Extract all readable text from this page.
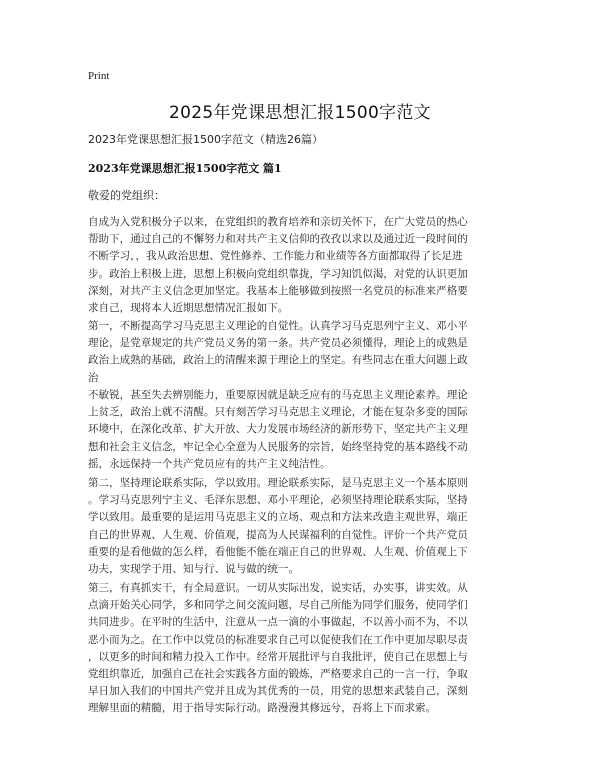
Print
2025年党课思想汇报1500字范文
2023年党课思想汇报1500字范文（精选26篇）
2023年党课思想汇报1500字范文 篇1
敬爱的党组织：
自成为入党积极分子以来，在党组织的教育培养和亲切关怀下，在广大党员的热心
帮助下，通过自己的不懈努力和对共产主义信仰的孜孜以求以及通过近一段时间的
不断学习，，我从政治思想、党性修养、工作能力和业绩等各方面都取得了长足进
步。政治上积极上进，思想上积极向党组织靠拢，学习知饥似渴，对党的认识更加
深刻，对共产主义信念更加坚定。我基本上能够做到按照一名党员的标准来严格要
求自己，现将本人近期思想情况汇报如下。
第一，不断提高学习马克思主义理论的自觉性。认真学习马克思列宁主义、邓小平
理论，是党章规定的共产党员义务的第一条。共产党员必须懂得，理论上的成熟是
政治上成熟的基础，政治上的清醒来源于理论上的坚定。有些同志在重大问题上政
治
不敏锐，甚至失去辨别能力，重要原因就是缺乏应有的马克思主义理论素养。理论
上贫乏，政治上就不清醒。只有刻苦学习马克思主义理论，才能在复杂多变的国际
环境中，在深化改革、扩大开放、大力发展市场经济的新形势下，坚定共产主义理
想和社会主义信念，牢记全心全意为人民服务的宗旨，始终坚持党的基本路线不动
摇，永远保持一个共产党员应有的共产主义纯洁性。
第二，坚持理论联系实际，学以致用。理论联系实际，是马克思主义一个基本原则
。学习马克思列宁主义、毛泽东思想、邓小平理论，必须坚持理论联系实际，坚持
学以致用。最重要的是运用马克思主义的立场、观点和方法来改造主观世界，端正
自己的世界观、人生观、价值观，提高为人民谋福利的自觉性。评价一个共产党员
重要的是看他做的怎么样，看他能不能在端正自己的世界观、人生观、价值观上下
功夫，实现学于用、知与行、说与做的统一。
第三，有真抓实干，有全局意识。一切从实际出发，说实话，办实事，讲实效。从
点滴开始关心同学，多和同学之间交流问题，尽自己所能为同学们服务，使同学们
共同进步。在平时的生活中，注意从一点一滴的小事做起，不以善小而不为，不以
恶小而为之。在工作中以党员的标准要求自己可以促使我们在工作中更加尽职尽责
，以更多的时间和精力投入工作中。经常开展批评与自我批评，使自己在思想上与
党组织靠近，加强自己在社会实践各方面的锻炼，严格要求自己的一言一行，争取
早日加入我们的中国共产党并且成为其优秀的一员，用党的思想来武装自己，深刻
理解里面的精髓，用于指导实际行动。路漫漫其修远兮，吾将上下而求索。
